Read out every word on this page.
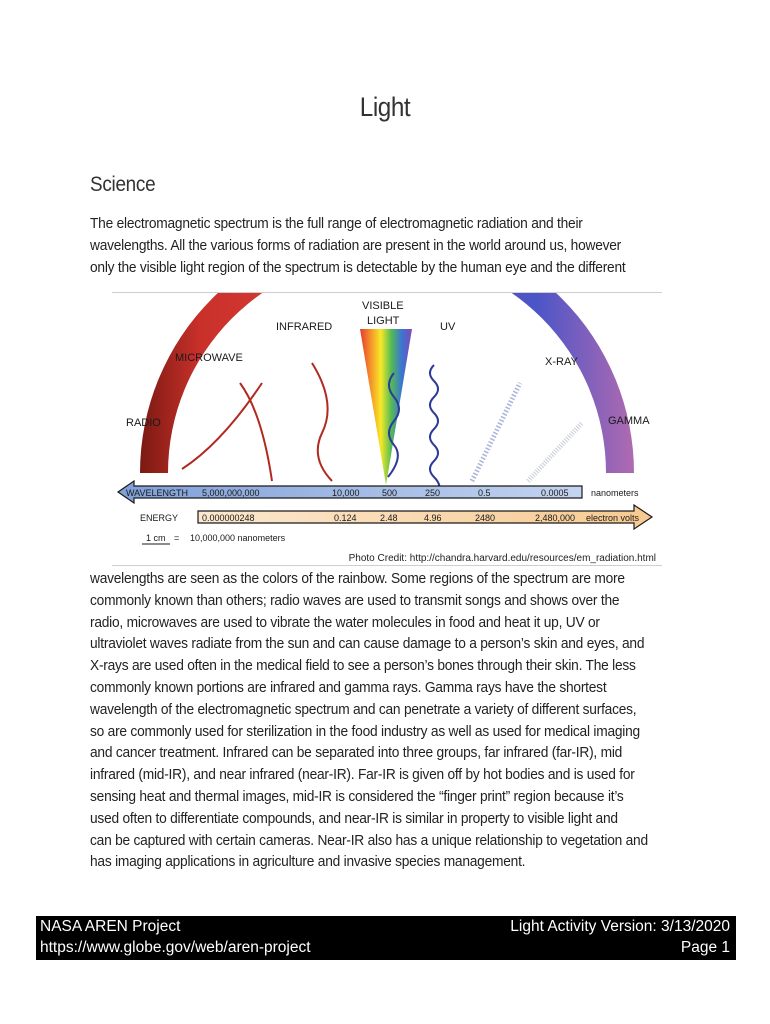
Light
Science
The electromagnetic spectrum is the full range of electromagnetic radiation and their
wavelengths. All the various forms of radiation are present in the world around us, however
only the visible light region of the spectrum is detectable by the human eye and the different
RADIO
MICROWAVE
INFRARED
VISIBLE
LIGHT	UV
X-RAY
GAMMA
WAVELENGTH 5,000,000,000	10,000 500	250	0.5	0.0005 nanometers
ENERGY	0.000000248	0.124	2.48	4.96	2480	2,480,000 electron volts
1 cm = 10,000,000 nanometers
Photo Credit: http://chandra.harvard.edu/resources/em_radiation.html
wavelengths are seen as the colors of the rainbow. Some regions of the spectrum are more
commonly known than others; radio waves are used to transmit songs and shows over the
radio, microwaves are used to vibrate the water molecules in food and heat it up, UV or
ultraviolet waves radiate from the sun and can cause damage to a person’s skin and eyes, and
X-rays are used often in the medical field to see a person’s bones through their skin. The less
commonly known portions are infrared and gamma rays. Gamma rays have the shortest
wavelength of the electromagnetic spectrum and can penetrate a variety of different surfaces,
so are commonly used for sterilization in the food industry as well as used for medical imaging
and cancer treatment. Infrared can be separated into three groups, far infrared (far-IR), mid
infrared (mid-IR), and near infrared (near-IR). Far-IR is given off by hot bodies and is used for
sensing heat and thermal images, mid-IR is considered the “finger print” region because it’s
used often to differentiate compounds, and near-IR is similar in property to visible light and
can be captured with certain cameras. Near-IR also has a unique relationship to vegetation and
has imaging applications in agriculture and invasive species management.
NASA AREN Project
https://www.globe.gov/web/aren-project
Light Activity Version: 3/13/2020
Page 1
